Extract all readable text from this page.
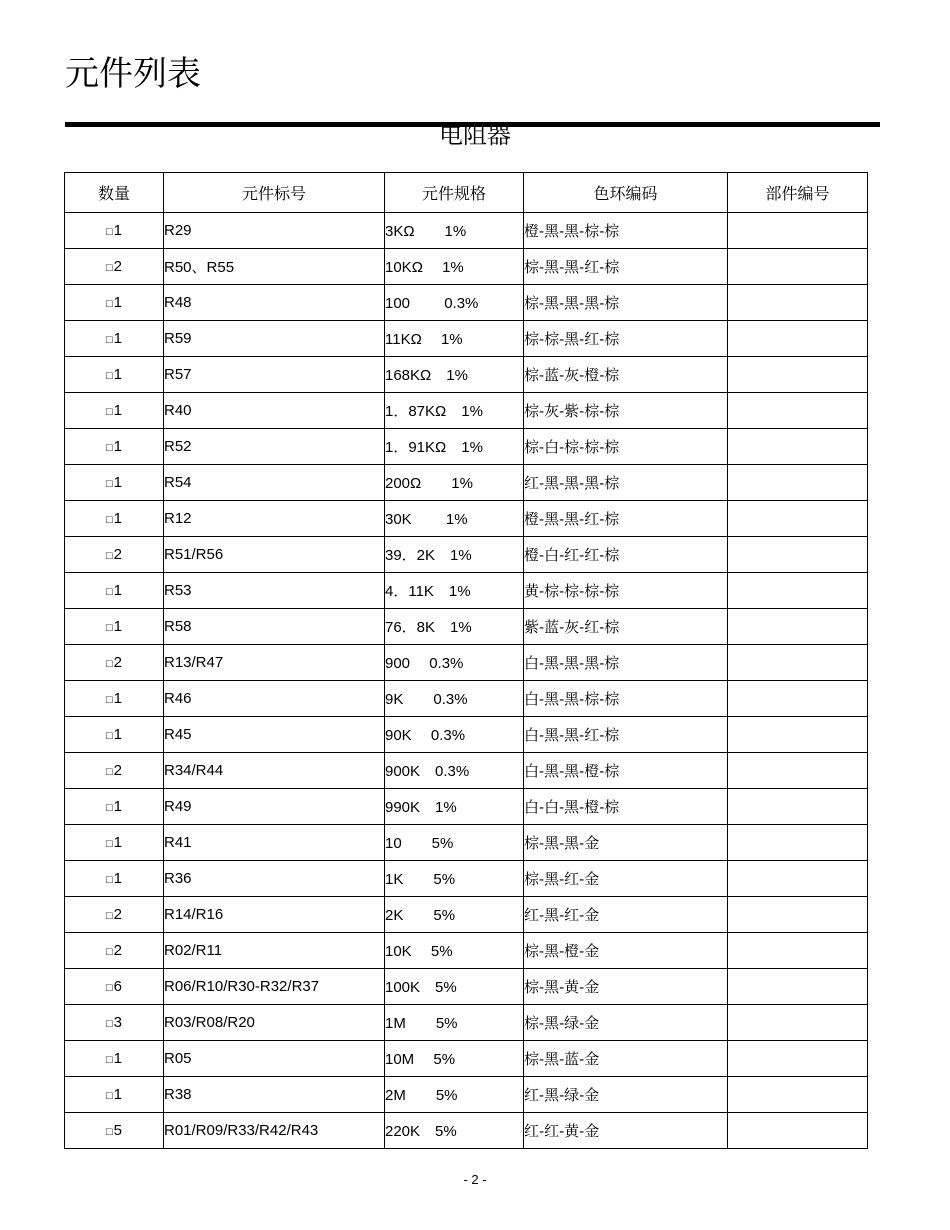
元件列表
电阻器
数量	元件标号	元件规格	色环编码	部件编号
□1	R29	3KΩ　　1%	橙-黑-黑-棕-棕	
□2	R50、R55	10KΩ　 1%	棕-黑-黑-红-棕	
□1	R48	100　　 0.3%	棕-黑-黑-黑-棕	
□1	R59	11KΩ　 1%	棕-棕-黑-红-棕	
□1	R57	168KΩ　1%	棕-蓝-灰-橙-棕	
□1	R40	1．87KΩ　1%	棕-灰-紫-棕-棕	
□1	R52	1．91KΩ　1%	棕-白-棕-棕-棕	
□1	R54	200Ω　　1%	红-黑-黑-黑-棕	
□1	R12	30K　　 1%	橙-黑-黑-红-棕	
□2	R51/R56	39．2K　1%	橙-白-红-红-棕	
□1	R53	4．11K　1%	黄-棕-棕-棕-棕	
□1	R58	76．8K　1%	紫-蓝-灰-红-棕	
□2	R13/R47	900　 0.3%	白-黑-黑-黑-棕	
□1	R46	9K　　0.3%	白-黑-黑-棕-棕	
□1	R45	90K　 0.3%	白-黑-黑-红-棕	
□2	R34/R44	900K　0.3%	白-黑-黑-橙-棕	
□1	R49	990K　1%	白-白-黑-橙-棕	
□1	R41	10　　5%	棕-黑-黑-金	
□1	R36	1K　　5%	棕-黑-红-金	
□2	R14/R16	2K　　5%	红-黑-红-金	
□2	R02/R11	10K　 5%	棕-黑-橙-金	
□6	R06/R10/R30-R32/R37	100K　5%	棕-黑-黄-金	
□3	R03/R08/R20	1M　　5%	棕-黑-绿-金	
□1	R05	10M　 5%	棕-黑-蓝-金	
□1	R38	2M　　5%	红-黑-绿-金	
□5	R01/R09/R33/R42/R43	220K　5%	红-红-黄-金	
- 2 -
